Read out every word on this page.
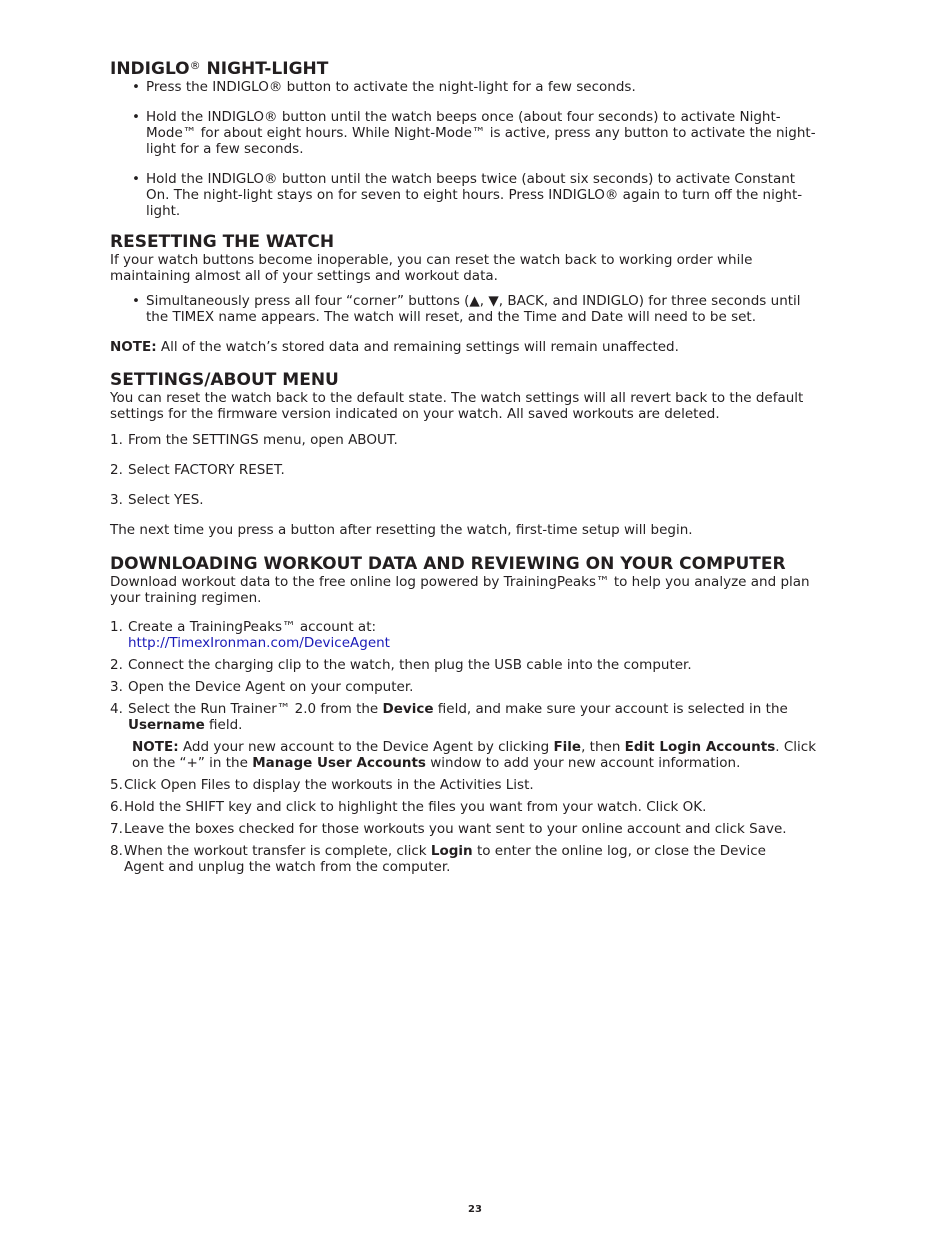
INDIGLO® NIGHT-LIGHT
• Press the INDIGLO® button to activate the night-light for a few seconds.
• Hold the INDIGLO® button until the watch beeps once (about four seconds) to activate Night-Mode™ for about eight hours. While Night-Mode™ is active, press any button to activate the night-light for a few seconds.
• Hold the INDIGLO® button until the watch beeps twice (about six seconds) to activate Constant On. The night-light stays on for seven to eight hours. Press INDIGLO® again to turn off the night-light.
RESETTING THE WATCH

If your watch buttons become inoperable, you can reset the watch back to working order while maintaining almost all of your settings and workout data.

• Simultaneously press all four “corner” buttons (▲, ▼, BACK, and INDIGLO) for three seconds until the TIMEX name appears. The watch will reset, and the Time and Date will need to be set.

NOTE: All of the watch’s stored data and remaining settings will remain unaffected.

SETTINGS/ABOUT MENU

You can reset the watch back to the default state. The watch settings will all revert back to the default settings for the firmware version indicated on your watch. All saved workouts are deleted.

1. From the SETTINGS menu, open ABOUT.
2. Select FACTORY RESET.
3. Select YES.

The next time you press a button after resetting the watch, first-time setup will begin.

DOWNLOADING WORKOUT DATA AND REVIEWING ON YOUR COMPUTER

Download workout data to the free online log powered by TrainingPeaks™ to help you analyze and plan your training regimen.

1. Create a TrainingPeaks™ account at:
http://TimexIronman.com/DeviceAgent
2. Connect the charging clip to the watch, then plug the USB cable into the computer.
3. Open the Device Agent on your computer.
4. Select the Run Trainer™ 2.0 from the Device field, and make sure your account is selected in the Username field.
NOTE: Add your new account to the Device Agent by clicking File, then Edit Login Accounts. Click on the “+” in the Manage User Accounts window to add your new account information.
5. Click Open Files to display the workouts in the Activities List.
6. Hold the SHIFT key and click to highlight the files you want from your watch. Click OK.
7. Leave the boxes checked for those workouts you want sent to your online account and click Save.
8. When the workout transfer is complete, click Login to enter the online log, or close the Device Agent and unplug the watch from the computer.
23
